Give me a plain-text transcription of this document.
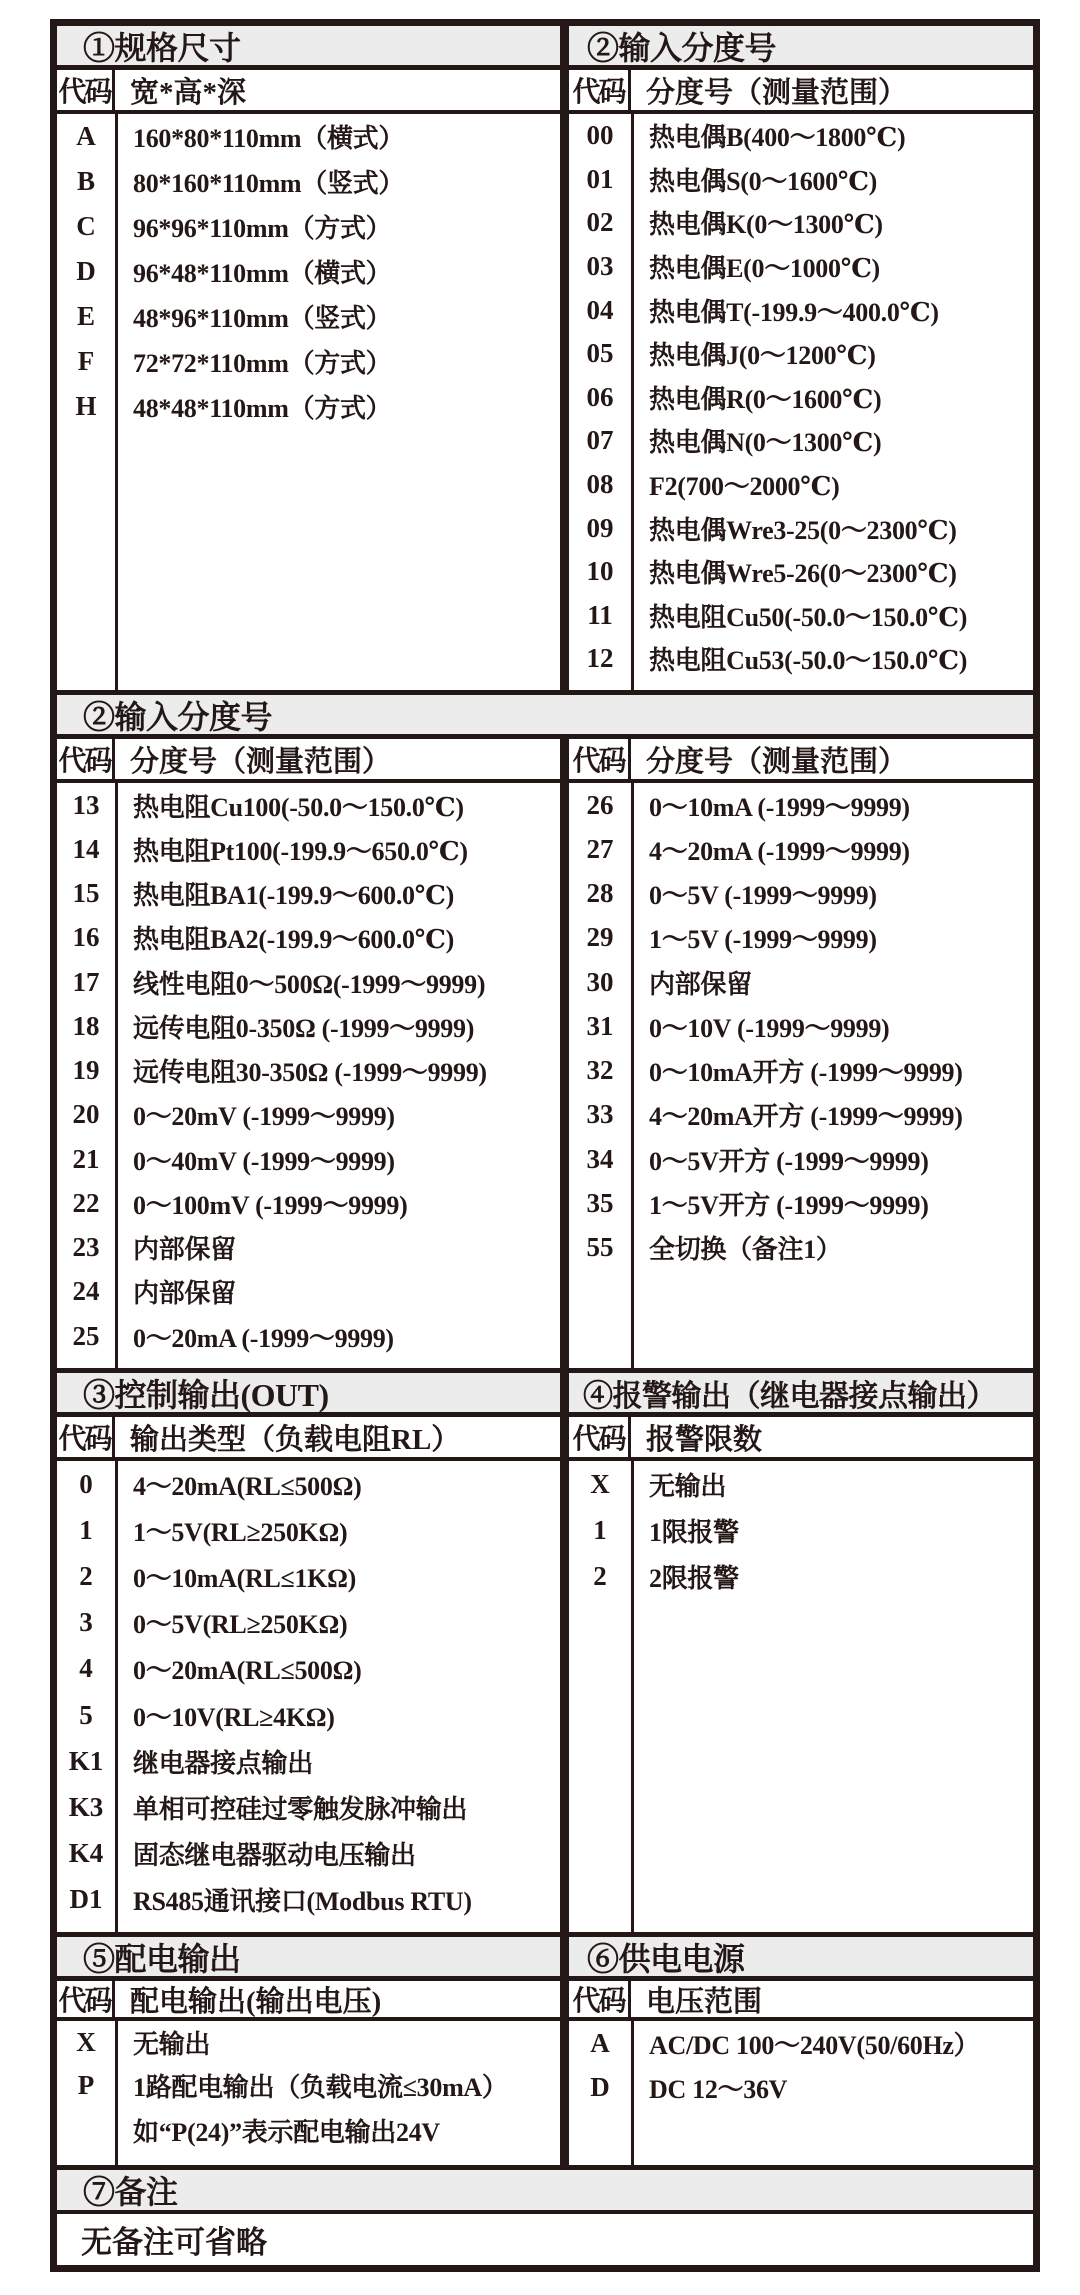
①规格尺寸
代码 宽*高*深
A	160*80*110mm（横式）
B	80*160*110mm（竖式）
C	96*96*110mm（方式）
D	96*48*110mm（横式）
E	48*96*110mm（竖式）
F	72*72*110mm（方式）
H	48*48*110mm（方式）
②输入分度号
代码 分度号（测量范围）
00	热电偶B(400～1800℃)
01	热电偶S(0～1600℃)
02	热电偶K(0～1300℃)
03	热电偶E(0～1000℃)
04	热电偶T(-199.9～400.0℃)
05	热电偶J(0～1200℃)
06	热电偶R(0～1600℃)
07	热电偶N(0～1300℃)
08	F2(700～2000℃)
09	热电偶Wre3-25(0～2300℃)
10	热电偶Wre5-26(0～2300℃)
11	热电阻Cu50(-50.0～150.0℃)
12	热电阻Cu53(-50.0～150.0℃)
②输入分度号
代码 分度号（测量范围）
13	热电阻Cu100(-50.0～150.0℃)
14	热电阻Pt100(-199.9～650.0℃)
15	热电阻BA1(-199.9～600.0℃)
16	热电阻BA2(-199.9～600.0℃)
17	线性电阻0～500Ω(-1999～9999)
18	远传电阻0-350Ω (-1999～9999)
19	远传电阻30-350Ω (-1999～9999)
20	0～20mV (-1999～9999)
21	0～40mV (-1999～9999)
22	0～100mV (-1999～9999)
23	内部保留
24	内部保留
25	0～20mA (-1999～9999)
代码 分度号（测量范围）
26	0～10mA (-1999～9999)
27	4～20mA (-1999～9999)
28	0～5V (-1999～9999)
29	1～5V (-1999～9999)
30	内部保留
31	0～10V (-1999～9999)
32	0～10mA开方 (-1999～9999)
33	4～20mA开方 (-1999～9999)
34	0～5V开方 (-1999～9999)
35	1～5V开方 (-1999～9999)
55	全切换（备注1）
③控制输出(OUT)
代码 输出类型（负载电阻RL）
0	4～20mA(RL≤500Ω)
1	1～5V(RL≥250KΩ)
2	0～10mA(RL≤1KΩ)
3	0～5V(RL≥250KΩ)
4	0～20mA(RL≤500Ω)
5	0～10V(RL≥4KΩ)
K1	继电器接点输出
K3	单相可控硅过零触发脉冲输出
K4	固态继电器驱动电压输出
D1	RS485通讯接口(Modbus RTU)
④报警输出（继电器接点输出）
代码 报警限数
X	无输出
1	1限报警
2	2限报警
⑤配电输出
代码 配电输出(输出电压)
X	无输出
P	1路配电输出（负载电流≤30mA）
如“P(24)”表示配电输出24V
⑥供电电源
代码 电压范围
A	AC/DC 100～240V(50/60Hz）
D	DC 12～36V
⑦备注
无备注可省略
